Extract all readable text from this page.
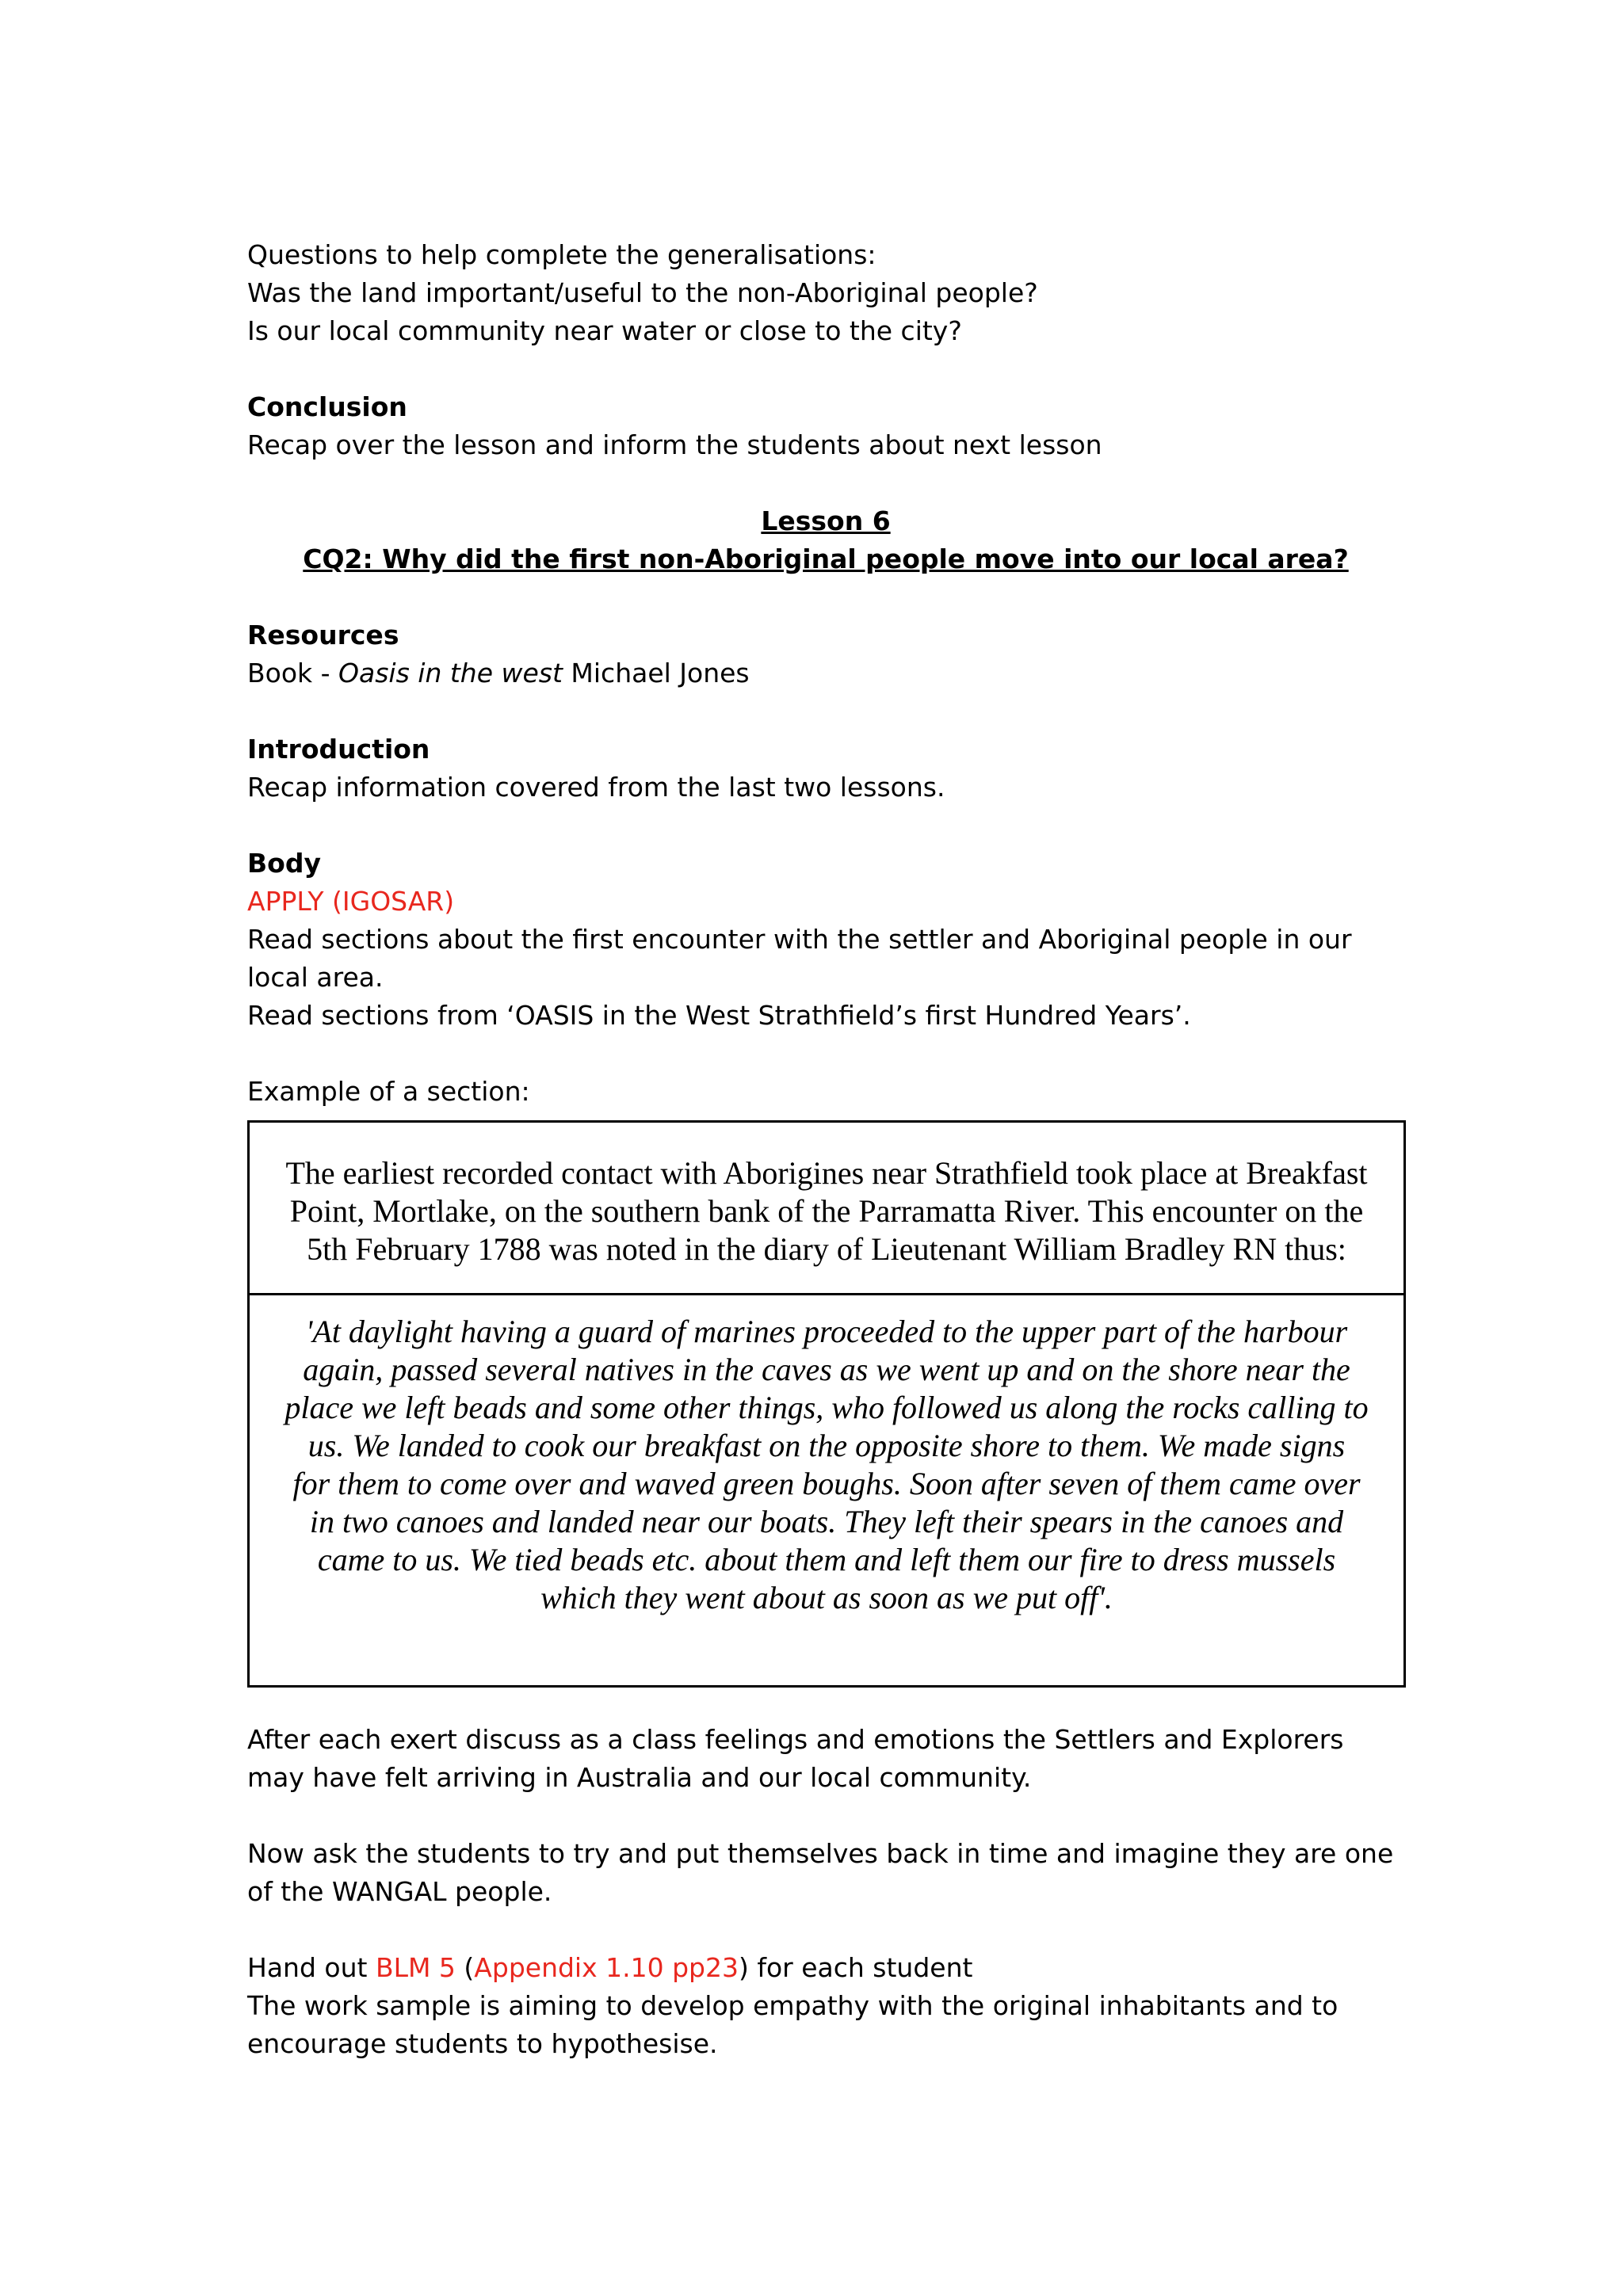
Questions to help complete the generalisations:
Was the land important/useful to the non-Aboriginal people?
Is our local community near water or close to the city?
Conclusion
Recap over the lesson and inform the students about next lesson
Lesson 6
CQ2: Why did the first non-Aboriginal people move into our local area?
Resources
Book - Oasis in the west Michael Jones
Introduction
Recap information covered from the last two lessons.
Body
APPLY (IGOSAR)
Read sections about the first encounter with the settler and Aboriginal people in our
local area.
Read sections from ‘OASIS in the West Strathfield’s first Hundred Years’.
Example of a section:
The earliest recorded contact with Aborigines near Strathfield took place at Breakfast
Point, Mortlake, on the southern bank of the Parramatta River. This encounter on the
5th February 1788 was noted in the diary of Lieutenant William Bradley RN thus:
'At daylight having a guard of marines proceeded to the upper part of the harbour
again, passed several natives in the caves as we went up and on the shore near the
place we left beads and some other things, who followed us along the rocks calling to
us. We landed to cook our breakfast on the opposite shore to them. We made signs
for them to come over and waved green boughs. Soon after seven of them came over
in two canoes and landed near our boats. They left their spears in the canoes and
came to us. We tied beads etc. about them and left them our fire to dress mussels
which they went about as soon as we put off'.
After each exert discuss as a class feelings and emotions the Settlers and Explorers
may have felt arriving in Australia and our local community.
Now ask the students to try and put themselves back in time and imagine they are one
of the WANGAL people.
Hand out BLM 5 (Appendix 1.10 pp23) for each student
The work sample is aiming to develop empathy with the original inhabitants and to
encourage students to hypothesise.
